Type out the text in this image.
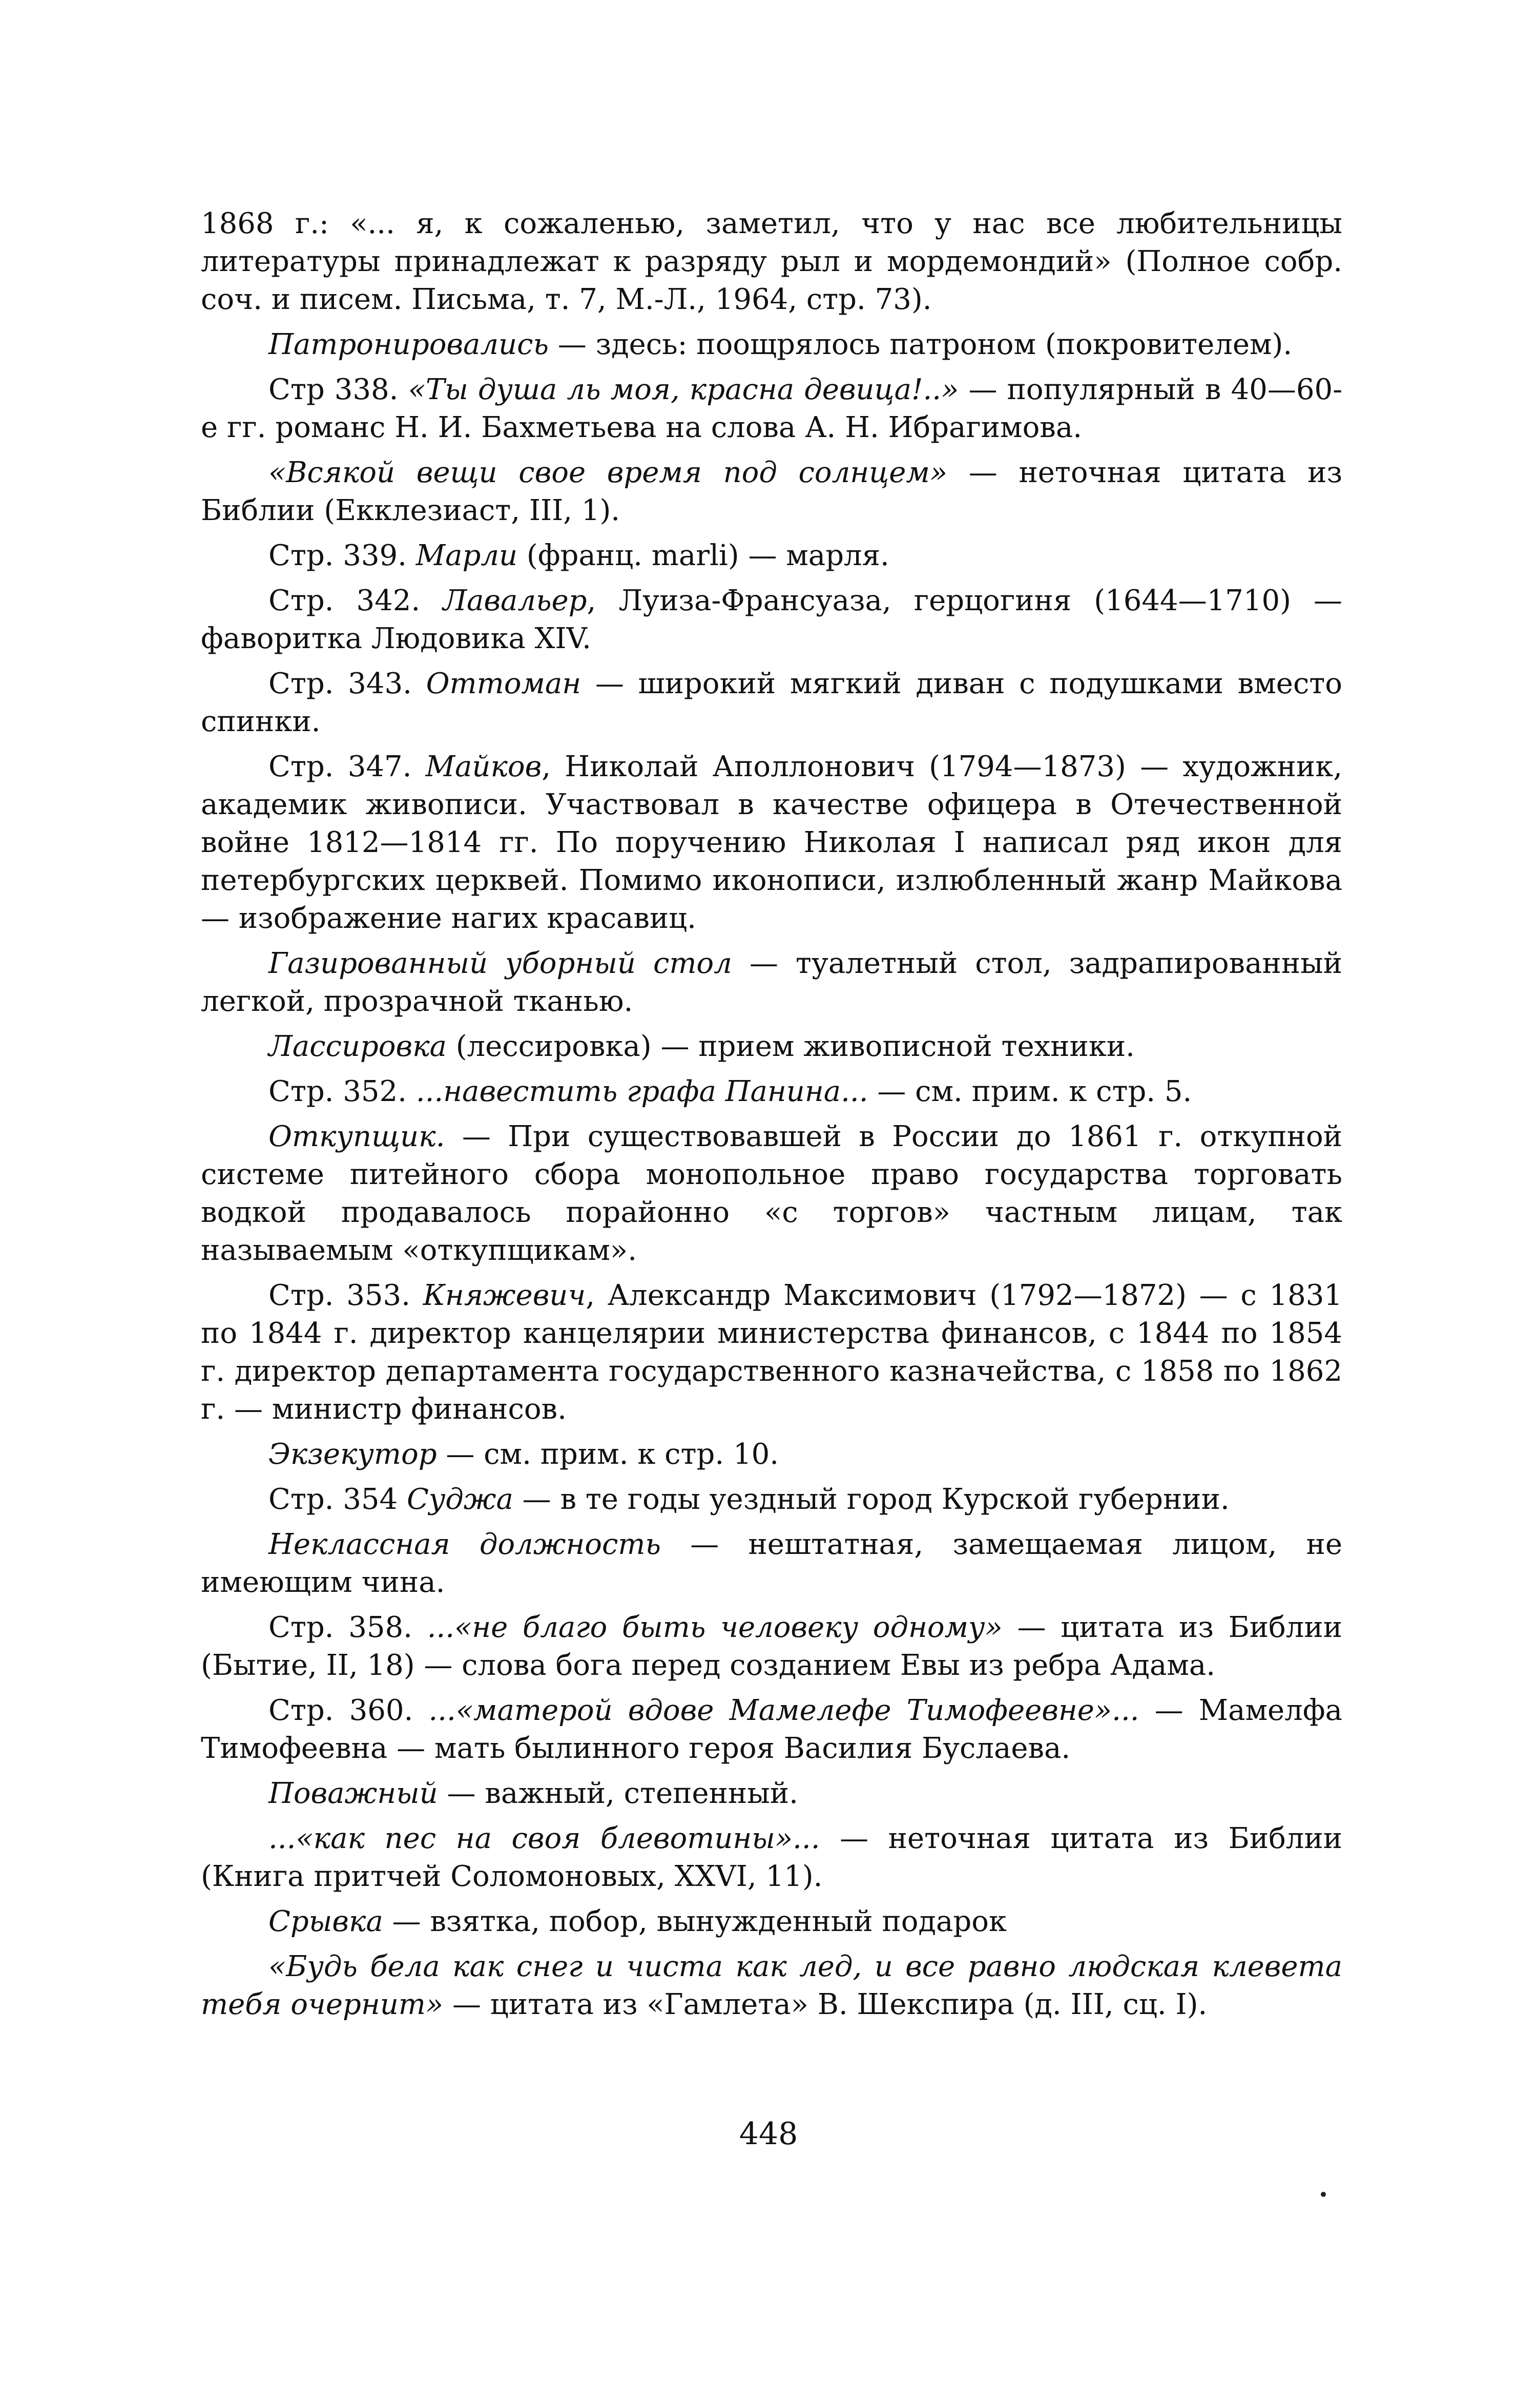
1868 г.: «... я, к сожаленью, заметил, что у нас все любительницы литературы принадлежат к разряду рыл и мордемондий» (Полное собр. соч. и писем. Письма, т. 7, М.-Л., 1964, стр. 73).

Патронировались — здесь: поощрялось патроном (покровителем).

Стр 338. «Ты душа ль моя, красна девица!..» — популярный в 40—60-е гг. романс Н. И. Бахметьева на слова А. Н. Ибрагимова.

«Всякой вещи свое время под солнцем» — неточная цитата из Библии (Екклезиаст, III, 1).

Стр. 339. Марли (франц. marli) — марля.

Стр. 342. Лавальер, Луиза-Франсуаза, герцогиня (1644—1710) — фаворитка Людовика XIV.

Стр. 343. Оттоман — широкий мягкий диван с подушками вместо спинки.

Стр. 347. Майков, Николай Аполлонович (1794—1873) — художник, академик живописи. Участвовал в качестве офицера в Отечественной войне 1812—1814 гг. По поручению Николая I написал ряд икон для петербургских церквей. Помимо иконописи, излюбленный жанр Майкова — изображение нагих красавиц.

Газированный уборный стол — туалетный стол, задрапированный легкой, прозрачной тканью.

Лассировка (лессировка) — прием живописной техники.

Стр. 352. ...навестить графа Панина... — см. прим. к стр. 5.

Откупщик. — При существовавшей в России до 1861 г. откупной системе питейного сбора монопольное право государства торговать водкой продавалось порайонно «с торгов» частным лицам, так называемым «откупщикам».

Стр. 353. Княжевич, Александр Максимович (1792—1872) — с 1831 по 1844 г. директор канцелярии министерства финансов, с 1844 по 1854 г. директор департамента государственного казначейства, с 1858 по 1862 г. — министр финансов.

Экзекутор — см. прим. к стр. 10.

Стр. 354 Суджа — в те годы уездный город Курской губернии.

Неклассная должность — нештатная, замещаемая лицом, не имеющим чина.

Стр. 358. ...«не благо быть человеку одному» — цитата из Библии (Бытие, II, 18) — слова бога перед созданием Евы из ребра Адама.

Стр. 360. ...«матерой вдове Мамелефе Тимофеевне»... — Мамелфа Тимофеевна — мать былинного героя Василия Буслаева.

Поважный — важный, степенный.

...«как пес на своя блевотины»... — неточная цитата из Библии (Книга притчей Соломоновых, XXVI, 11).

Срывка — взятка, побор, вынужденный подарок

«Будь бела как снег и чиста как лед, и все равно людская клевета тебя очернит» — цитата из «Гамлета» В. Шекспира (д. III, сц. I).

448
